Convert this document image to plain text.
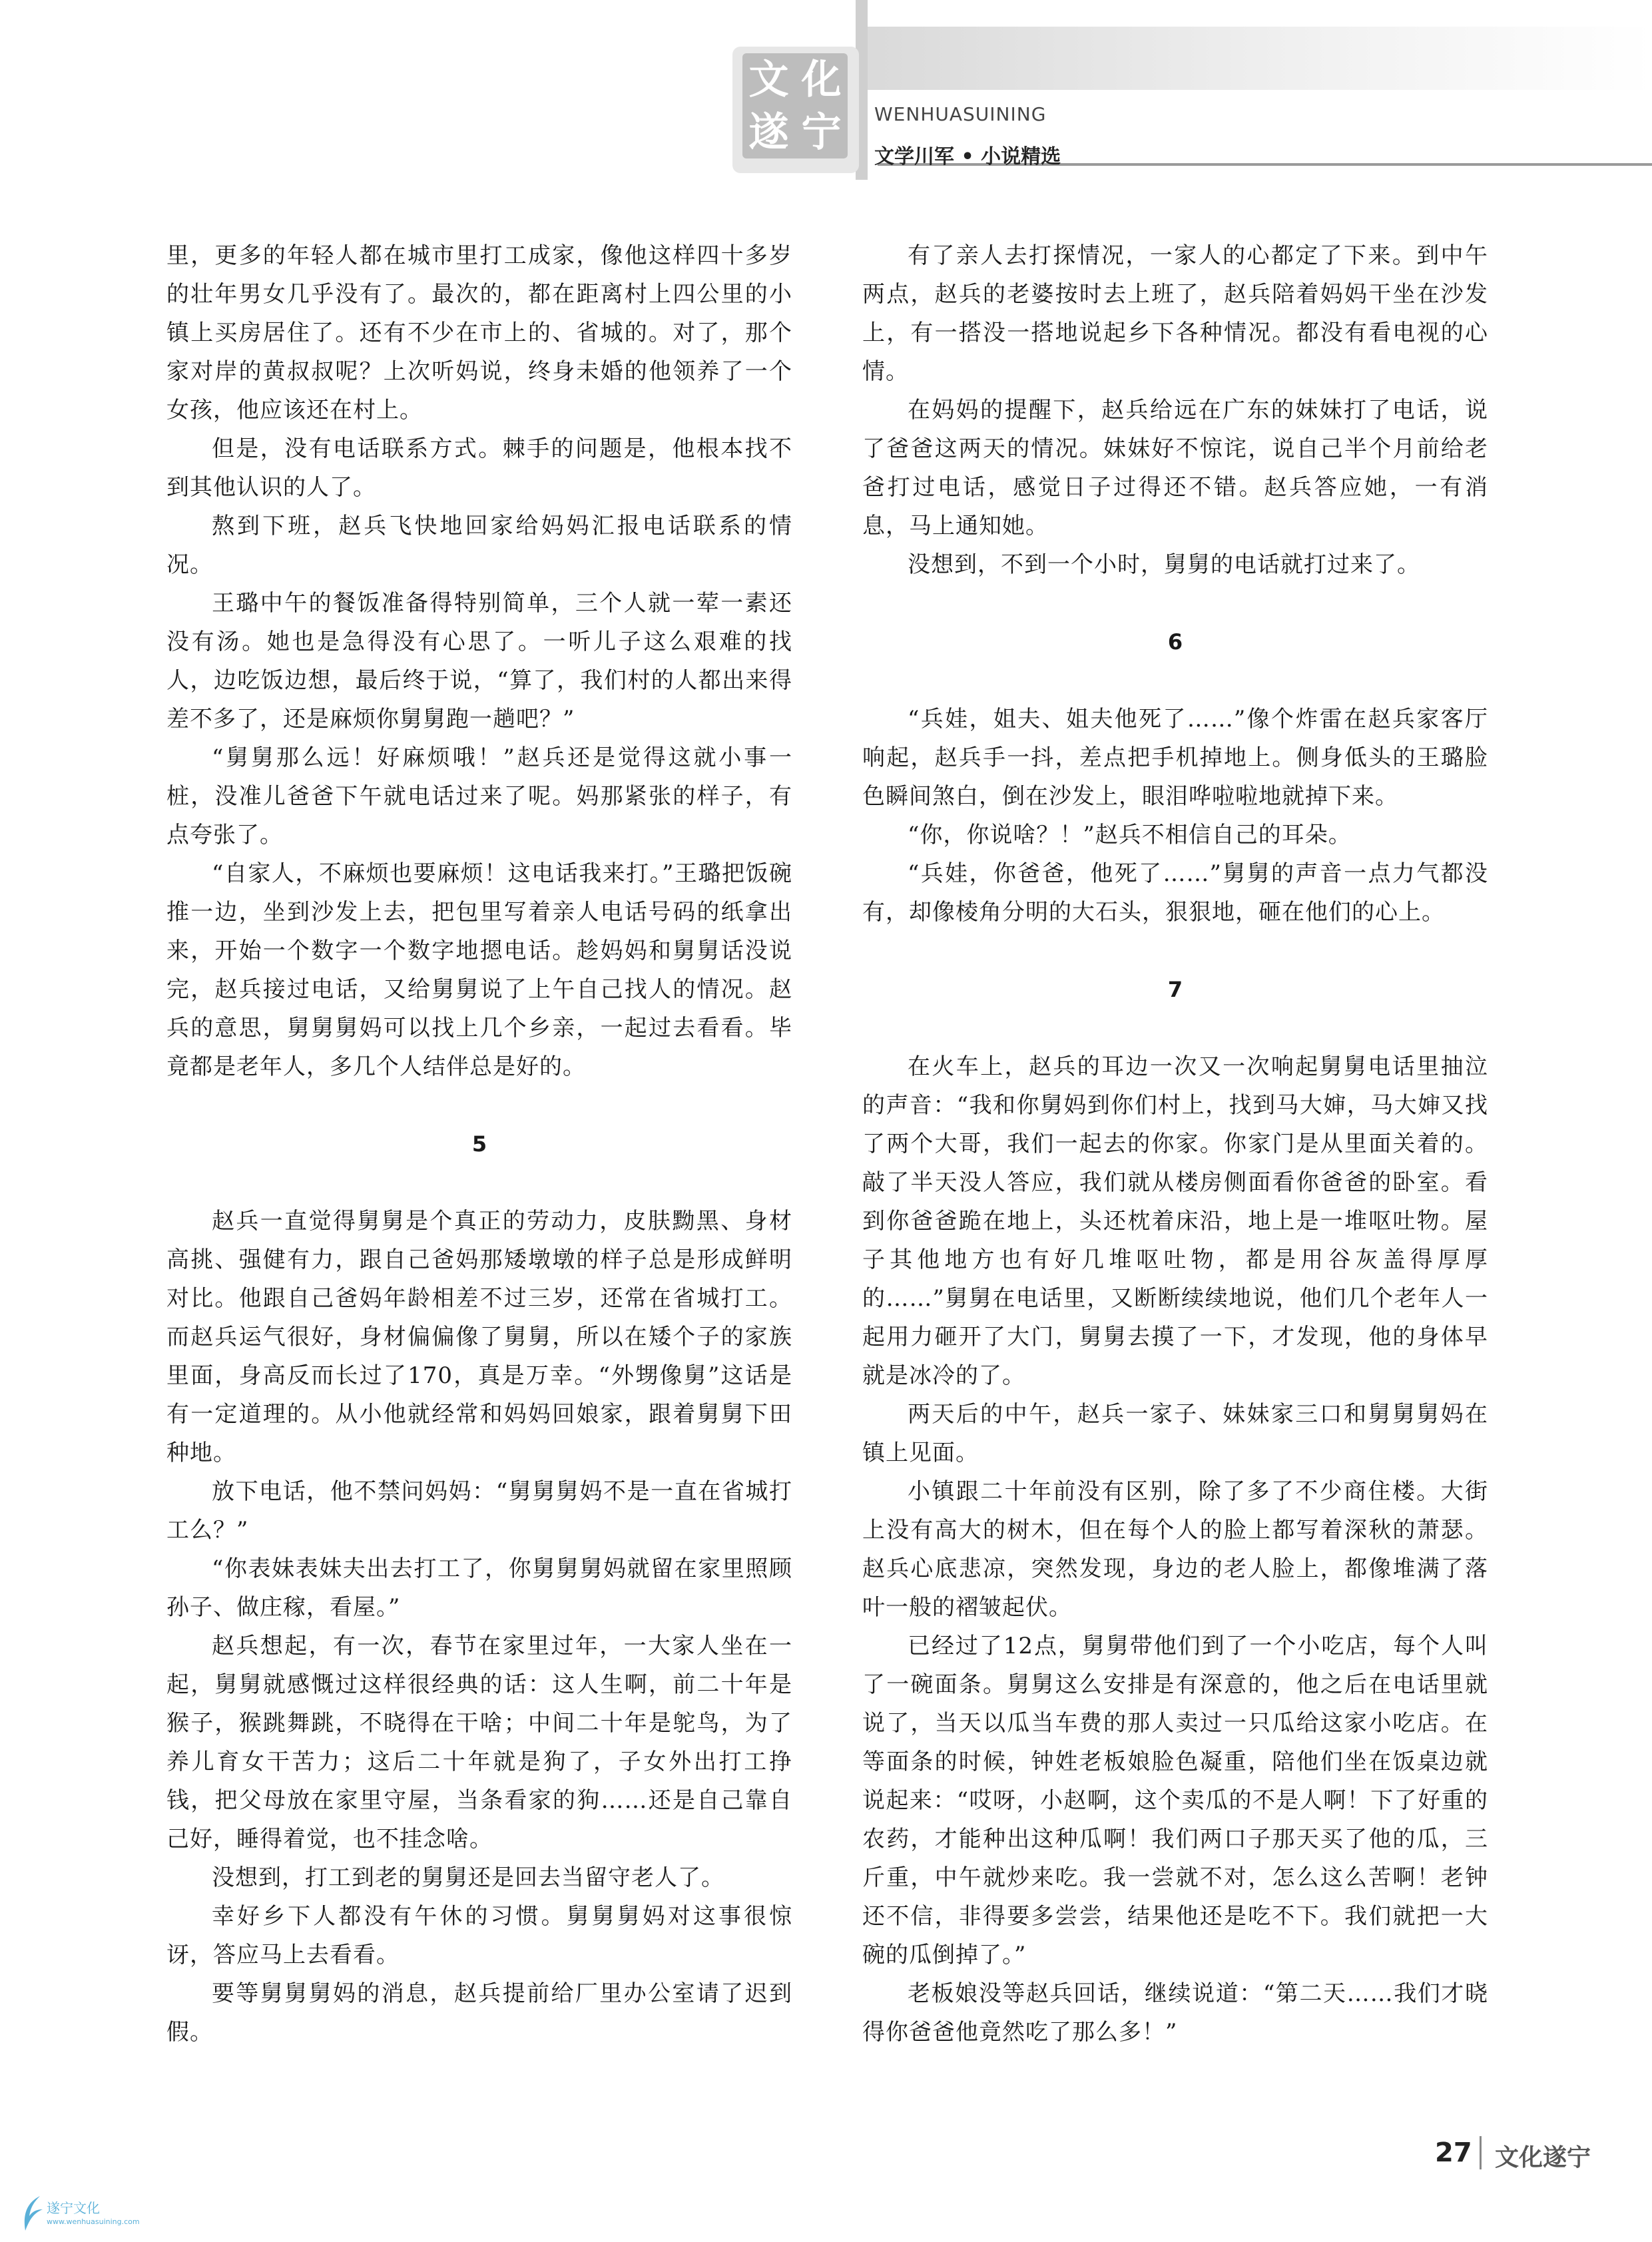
文 化
遂 宁 WENHUASUINING
文学川军 • 小说精选

里，更多的年轻人都在城市里打工成家，像他这样四十多岁的壮年男女几乎没有了。最次的，都在距离村上四公里的小镇上买房居住了。还有不少在市上的、省城的。对了，那个家对岸的黄叔叔呢？上次听妈说，终身未婚的他领养了一个女孩，他应该还在村上。

但是，没有电话联系方式。棘手的问题是，他根本找不到其他认识的人了。

熬到下班，赵兵飞快地回家给妈妈汇报电话联系的情况。

王璐中午的餐饭准备得特别简单，三个人就一荤一素还没有汤。她也是急得没有心思了。一听儿子这么艰难的找人，边吃饭边想，最后终于说，“算了，我们村的人都出来得差不多了，还是麻烦你舅舅跑一趟吧？”

“舅舅那么远！好麻烦哦！”赵兵还是觉得这就小事一桩，没准儿爸爸下午就电话过来了呢。妈那紧张的样子，有点夸张了。

“自家人，不麻烦也要麻烦！这电话我来打。”王璐把饭碗推一边，坐到沙发上去，把包里写着亲人电话号码的纸拿出来，开始一个数字一个数字地摁电话。趁妈妈和舅舅话没说完，赵兵接过电话，又给舅舅说了上午自己找人的情况。赵兵的意思，舅舅舅妈可以找上几个乡亲，一起过去看看。毕竟都是老年人，多几个人结伴总是好的。

5

赵兵一直觉得舅舅是个真正的劳动力，皮肤黝黑、身材高挑、强健有力，跟自己爸妈那矮墩墩的样子总是形成鲜明对比。他跟自己爸妈年龄相差不过三岁，还常在省城打工。而赵兵运气很好，身材偏偏像了舅舅，所以在矮个子的家族里面，身高反而长过了170，真是万幸。“外甥像舅”这话是有一定道理的。从小他就经常和妈妈回娘家，跟着舅舅下田种地。

放下电话，他不禁问妈妈：“舅舅舅妈不是一直在省城打工么？”

“你表妹表妹夫出去打工了，你舅舅舅妈就留在家里照顾孙子、做庄稼，看屋。”

赵兵想起，有一次，春节在家里过年，一大家人坐在一起，舅舅就感慨过这样很经典的话：这人生啊，前二十年是猴子，猴跳舞跳，不晓得在干啥；中间二十年是鸵鸟，为了养儿育女干苦力；这后二十年就是狗了，子女外出打工挣钱，把父母放在家里守屋，当条看家的狗……还是自己靠自己好，睡得着觉，也不挂念啥。

没想到，打工到老的舅舅还是回去当留守老人了。

幸好乡下人都没有午休的习惯。舅舅舅妈对这事很惊讶，答应马上去看看。

要等舅舅舅妈的消息，赵兵提前给厂里办公室请了迟到假。

有了亲人去打探情况，一家人的心都定了下来。到中午两点，赵兵的老婆按时去上班了，赵兵陪着妈妈干坐在沙发上，有一搭没一搭地说起乡下各种情况。都没有看电视的心情。

在妈妈的提醒下，赵兵给远在广东的妹妹打了电话，说了爸爸这两天的情况。妹妹好不惊诧，说自己半个月前给老爸打过电话，感觉日子过得还不错。赵兵答应她，一有消息，马上通知她。

没想到，不到一个小时，舅舅的电话就打过来了。

6

“兵娃，姐夫、姐夫他死了……”像个炸雷在赵兵家客厅响起，赵兵手一抖，差点把手机掉地上。侧身低头的王璐脸色瞬间煞白，倒在沙发上，眼泪哗啦啦地就掉下来。

“你，你说啥？！”赵兵不相信自己的耳朵。

“兵娃，你爸爸，他死了……”舅舅的声音一点力气都没有，却像棱角分明的大石头，狠狠地，砸在他们的心上。

7

在火车上，赵兵的耳边一次又一次响起舅舅电话里抽泣的声音：“我和你舅妈到你们村上，找到马大婶，马大婶又找了两个大哥，我们一起去的你家。你家门是从里面关着的。敲了半天没人答应，我们就从楼房侧面看你爸爸的卧室。看到你爸爸跪在地上，头还枕着床沿，地上是一堆呕吐物。屋子其他地方也有好几堆呕吐物，都是用谷灰盖得厚厚的……”舅舅在电话里，又断断续续地说，他们几个老年人一起用力砸开了大门，舅舅去摸了一下，才发现，他的身体早就是冰冷的了。

两天后的中午，赵兵一家子、妹妹家三口和舅舅舅妈在镇上见面。

小镇跟二十年前没有区别，除了多了不少商住楼。大街上没有高大的树木，但在每个人的脸上都写着深秋的萧瑟。赵兵心底悲凉，突然发现，身边的老人脸上，都像堆满了落叶一般的褶皱起伏。

已经过了12点，舅舅带他们到了一个小吃店，每个人叫了一碗面条。舅舅这么安排是有深意的，他之后在电话里就说了，当天以瓜当车费的那人卖过一只瓜给这家小吃店。在等面条的时候，钟姓老板娘脸色凝重，陪他们坐在饭桌边就说起来：“哎呀，小赵啊，这个卖瓜的不是人啊！下了好重的农药，才能种出这种瓜啊！我们两口子那天买了他的瓜，三斤重，中午就炒来吃。我一尝就不对，怎么这么苦啊！老钟还不信，非得要多尝尝，结果他还是吃不下。我们就把一大碗的瓜倒掉了。”

老板娘没等赵兵回话，继续说道：“第二天……我们才晓得你爸爸他竟然吃了那么多！”

27 文化遂宁
遂宁文化
www.wenhuasuining.com
